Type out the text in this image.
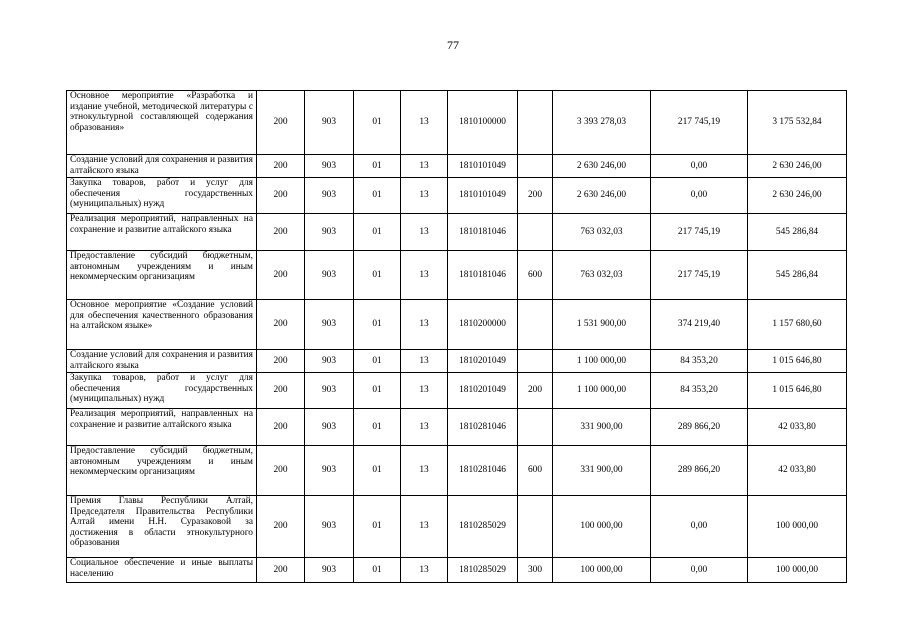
77
Основное мероприятие «Разработка и издание учебной, методической литературы с этнокультурной составляющей содержания образования»	200	903	01	13	1810100000		3 393 278,03	217 745,19	3 175 532,84
Создание условий для сохранения и развития алтайского языка	200	903	01	13	1810101049		2 630 246,00	0,00	2 630 246,00
Закупка товаров, работ и услуг для обеспечения государственных (муниципальных) нужд	200	903	01	13	1810101049	200	2 630 246,00	0,00	2 630 246,00
Реализация мероприятий, направленных на сохранение и развитие алтайского языка	200	903	01	13	1810181046		763 032,03	217 745,19	545 286,84
Предоставление субсидий бюджетным, автономным учреждениям и иным некоммерческим организациям	200	903	01	13	1810181046	600	763 032,03	217 745,19	545 286,84
Основное мероприятие «Создание условий для обеспечения качественного образования на алтайском языке»	200	903	01	13	1810200000		1 531 900,00	374 219,40	1 157 680,60
Создание условий для сохранения и развития алтайского языка	200	903	01	13	1810201049		1 100 000,00	84 353,20	1 015 646,80
Закупка товаров, работ и услуг для обеспечения государственных (муниципальных) нужд	200	903	01	13	1810201049	200	1 100 000,00	84 353,20	1 015 646,80
Реализация мероприятий, направленных на сохранение и развитие алтайского языка	200	903	01	13	1810281046		331 900,00	289 866,20	42 033,80
Предоставление субсидий бюджетным, автономным учреждениям и иным некоммерческим организациям	200	903	01	13	1810281046	600	331 900,00	289 866,20	42 033,80
Премия Главы Республики Алтай, Председателя Правительства Республики Алтай имени Н.Н. Суразаковой за достижения в области этнокультурного образования	200	903	01	13	1810285029		100 000,00	0,00	100 000,00
Социальное обеспечение и иные выплаты населению	200	903	01	13	1810285029	300	100 000,00	0,00	100 000,00
